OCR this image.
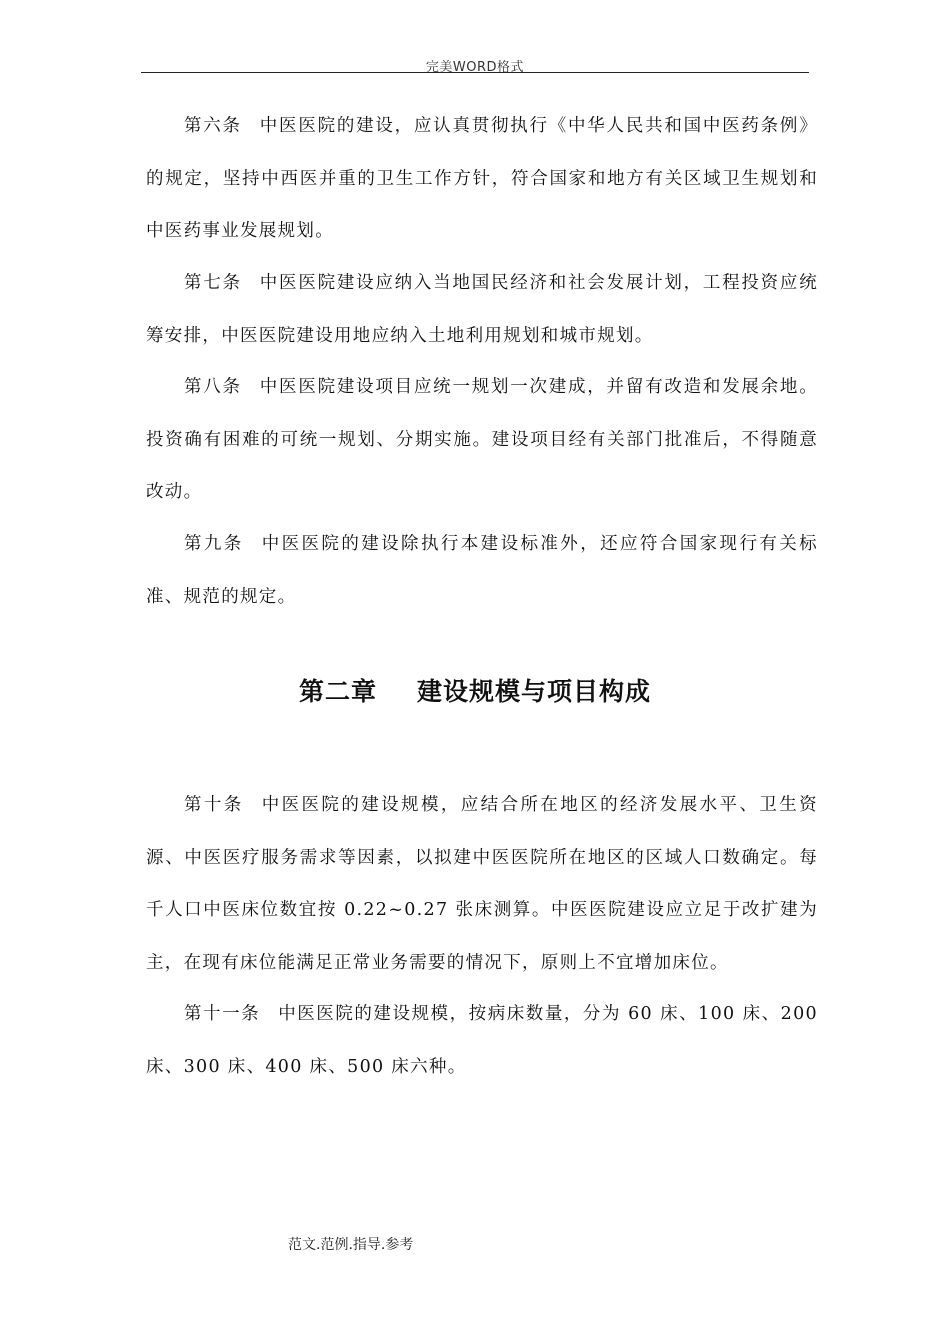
完美WORD格式

第六条 中医医院的建设，应认真贯彻执行《中华人民共和国中医药条例》的规定，坚持中西医并重的卫生工作方针，符合国家和地方有关区域卫生规划和中医药事业发展规划。

第七条 中医医院建设应纳入当地国民经济和社会发展计划，工程投资应统筹安排，中医医院建设用地应纳入土地利用规划和城市规划。

第八条 中医医院建设项目应统一规划一次建成，并留有改造和发展余地。投资确有困难的可统一规划、分期实施。建设项目经有关部门批准后，不得随意改动。

第九条 中医医院的建设除执行本建设标准外，还应符合国家现行有关标准、规范的规定。

第二章 建设规模与项目构成

第十条 中医医院的建设规模，应结合所在地区的经济发展水平、卫生资源、中医医疗服务需求等因素，以拟建中医医院所在地区的区域人口数确定。每千人口中医床位数宜按 0.22~0.27 张床测算。中医医院建设应立足于改扩建为主，在现有床位能满足正常业务需要的情况下，原则上不宜增加床位。

第十一条 中医医院的建设规模，按病床数量，分为 60 床、100 床、200 床、300 床、400 床、500 床六种。

范文.范例.指导.参考
